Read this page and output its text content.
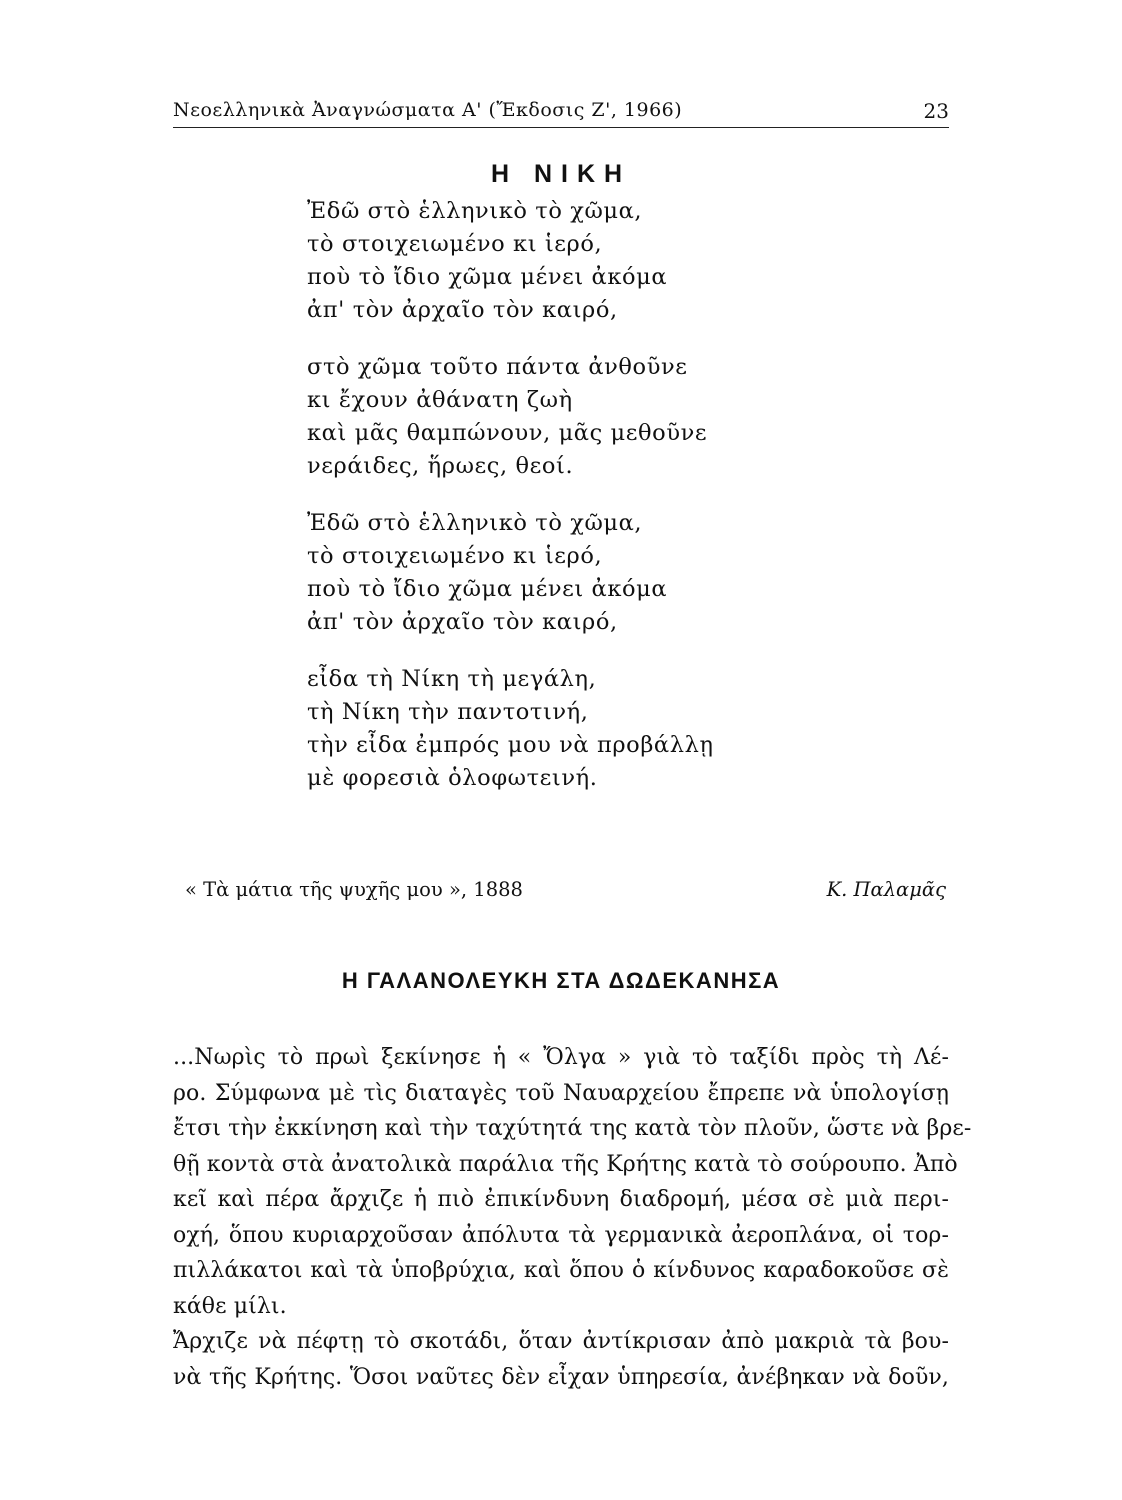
Νεοελληνικὰ Ἀναγνώσματα Α' (Ἔκδοσις Ζ', 1966)	23
Η ΝΙΚΗ
Ἐδῶ στὸ ἑλληνικὸ τὸ χῶμα,
τὸ στοιχειωμένο κι ἱερό,
ποὺ τὸ ἴδιο χῶμα μένει ἀκόμα
ἀπ' τὸν ἀρχαῖο τὸν καιρό,
στὸ χῶμα τοῦτο πάντα ἀνθοῦνε
κι ἔχουν ἀθάνατη ζωὴ
καὶ μᾶς θαμπώνουν, μᾶς μεθοῦνε
νεράιδες, ἥρωες, θεοί.
Ἐδῶ στὸ ἑλληνικὸ τὸ χῶμα,
τὸ στοιχειωμένο κι ἱερό,
ποὺ τὸ ἴδιο χῶμα μένει ἀκόμα
ἀπ' τὸν ἀρχαῖο τὸν καιρό,
εἶδα τὴ Νίκη τὴ μεγάλη,
τὴ Νίκη τὴν παντοτινή,
τὴν εἶδα ἐμπρός μου νὰ προβάλλῃ
μὲ φορεσιὰ ὁλοφωτεινή.
« Τὰ μάτια τῆς ψυχῆς μου », 1888	Κ. Παλαμᾶς
Η ΓΑΛΑΝΟΛΕΥΚΗ ΣΤΑ ΔΩΔΕΚΑΝΗΣΑ

...Νωρὶς τὸ πρωὶ ξεκίνησε ἡ « Ὄλγα » γιὰ τὸ ταξίδι πρὸς τὴ Λέ-
ρο. Σύμφωνα μὲ τὶς διαταγὲς τοῦ Ναυαρχείου ἔπρεπε νὰ ὑπολογίσῃ
ἔτσι τὴν ἐκκίνηση καὶ τὴν ταχύτητά της κατὰ τὸν πλοῦν, ὥστε νὰ βρε-
θῇ κοντὰ στὰ ἀνατολικὰ παράλια τῆς Κρήτης κατὰ τὸ σούρουπο. Ἀπὸ
κεῖ καὶ πέρα ἄρχιζε ἡ πιὸ ἐπικίνδυνη διαδρομή, μέσα σὲ μιὰ περι-
οχή, ὅπου κυριαρχοῦσαν ἀπόλυτα τὰ γερμανικὰ ἀεροπλάνα, οἱ τορ-
πιλλάκατοι καὶ τὰ ὑποβρύχια, καὶ ὅπου ὁ κίνδυνος καραδοκοῦσε σὲ
κάθε μίλι.

Ἄρχιζε νὰ πέφτῃ τὸ σκοτάδι, ὅταν ἀντίκρισαν ἀπὸ μακριὰ τὰ βου-
νὰ τῆς Κρήτης. Ὅσοι ναῦτες δὲν εἶχαν ὑπηρεσία, ἀνέβηκαν νὰ δοῦν,
